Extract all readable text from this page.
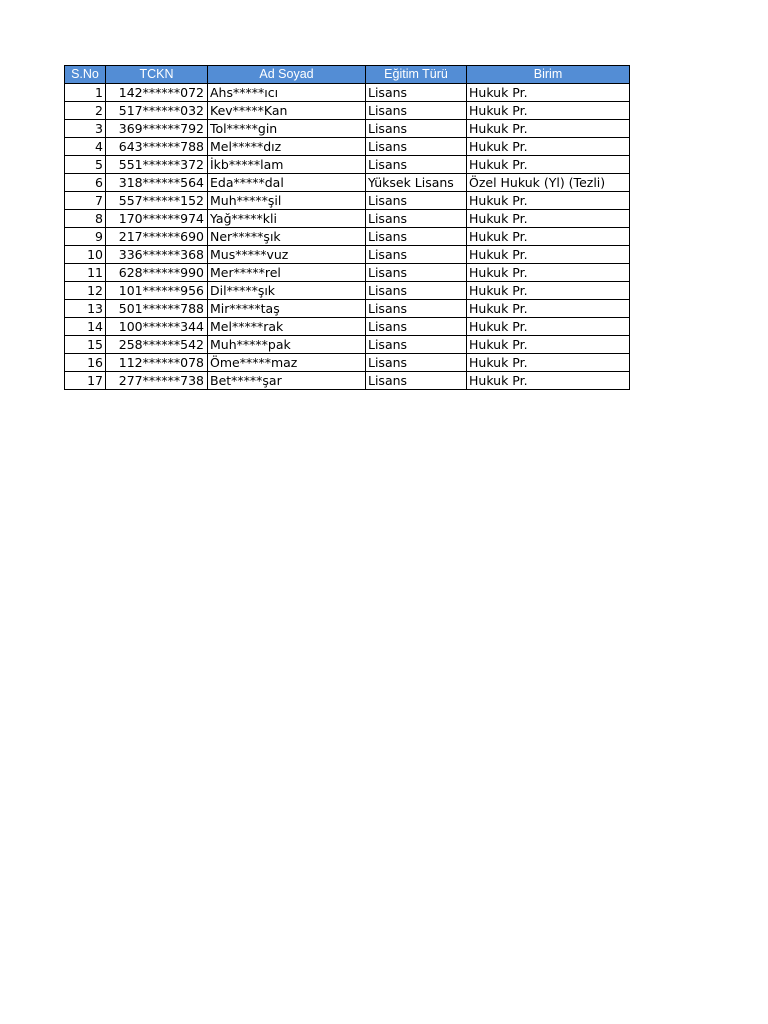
S.No	TCKN	Ad Soyad	Eğitim Türü	Birim
1	142******072	Ahs*****ıcı	Lisans	Hukuk Pr.
2	517******032	Kev*****Kan	Lisans	Hukuk Pr.
3	369******792	Tol*****gin	Lisans	Hukuk Pr.
4	643******788	Mel*****dız	Lisans	Hukuk Pr.
5	551******372	İkb*****lam	Lisans	Hukuk Pr.
6	318******564	Eda*****dal	Yüksek Lisans	Özel Hukuk (Yl) (Tezli)
7	557******152	Muh*****şil	Lisans	Hukuk Pr.
8	170******974	Yağ*****kli	Lisans	Hukuk Pr.
9	217******690	Ner*****şık	Lisans	Hukuk Pr.
10	336******368	Mus*****vuz	Lisans	Hukuk Pr.
11	628******990	Mer*****rel	Lisans	Hukuk Pr.
12	101******956	Dil*****şık	Lisans	Hukuk Pr.
13	501******788	Mir*****taş	Lisans	Hukuk Pr.
14	100******344	Mel*****rak	Lisans	Hukuk Pr.
15	258******542	Muh*****pak	Lisans	Hukuk Pr.
16	112******078	Öme*****maz	Lisans	Hukuk Pr.
17	277******738	Bet*****şar	Lisans	Hukuk Pr.
